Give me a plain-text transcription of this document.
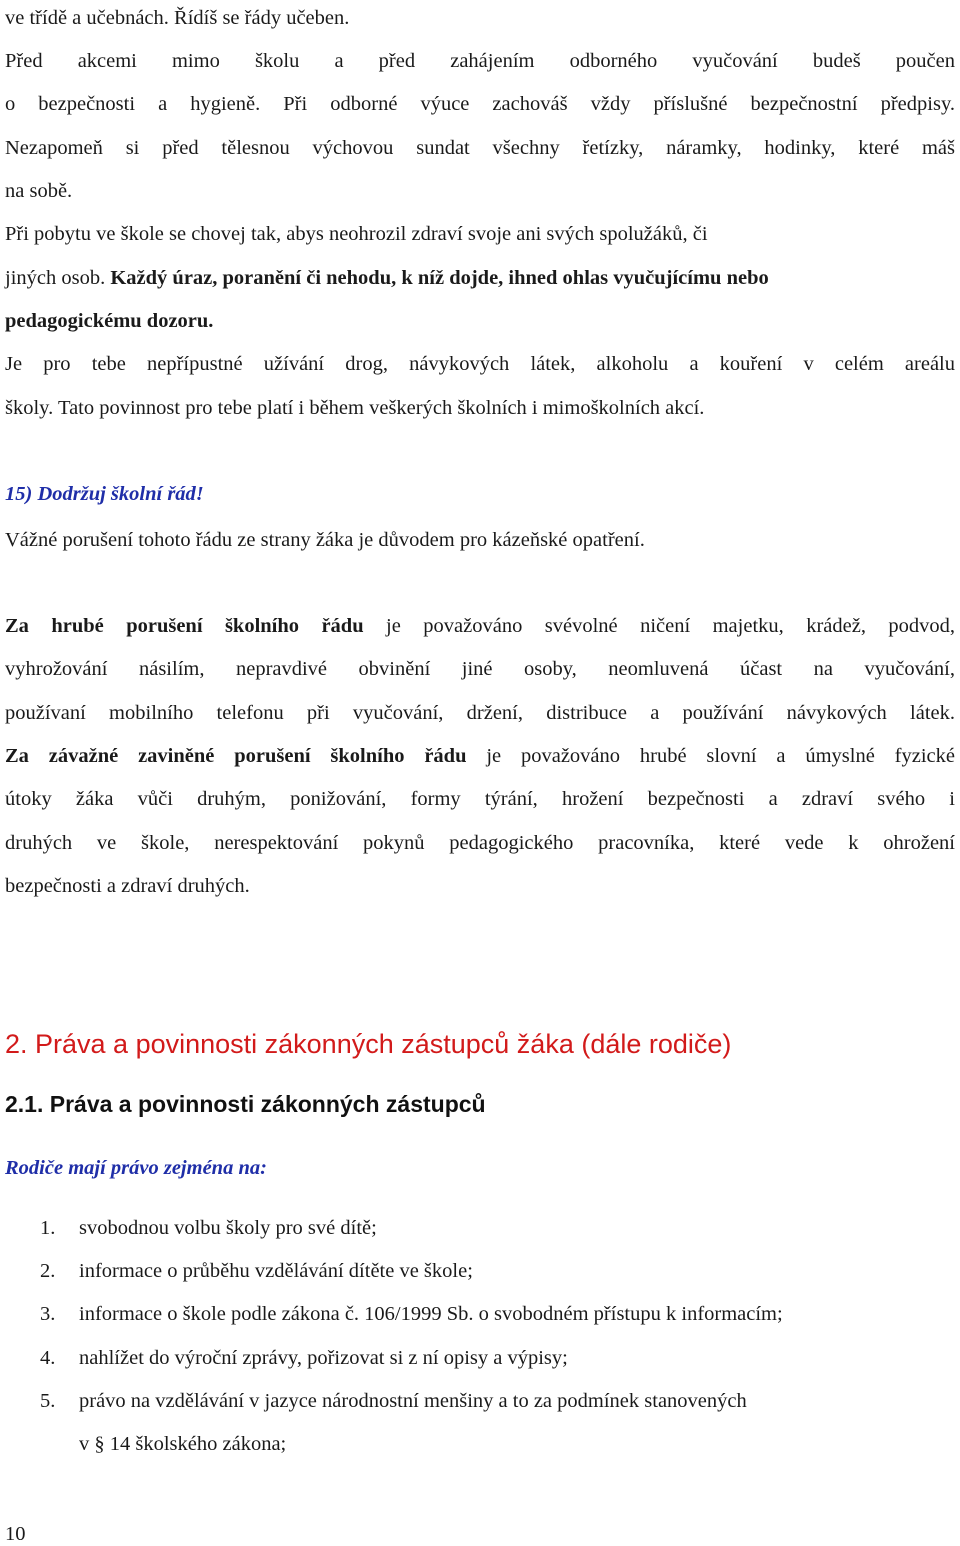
ve třídě a učebnách. Řídíš se řády učeben.
Před akcemi mimo školu a před zahájením odborného vyučování budeš poučen
o bezpečnosti a hygieně. Při odborné výuce zachováš vždy příslušné bezpečnostní předpisy.
Nezapomeň si před tělesnou výchovou sundat všechny řetízky, náramky, hodinky, které máš
na sobě.
Při pobytu ve škole se chovej tak, abys neohrozil zdraví svoje ani svých spolužáků, či
jiných osob. Každý úraz, poranění či nehodu, k níž dojde, ihned ohlas vyučujícímu nebo
pedagogickému dozoru.
Je pro tebe nepřípustné užívání drog, návykových látek, alkoholu a kouření v celém areálu
školy. Tato povinnost pro tebe platí i během veškerých školních i mimoškolních akcí.
15) Dodržuj školní řád!
Vážné porušení tohoto řádu ze strany žáka je důvodem pro kázeňské opatření.
Za hrubé porušení školního řádu je považováno svévolné ničení majetku, krádež, podvod,
vyhrožování násilím, nepravdivé obvinění jiné osoby, neomluvená účast na vyučování,
používaní mobilního telefonu při vyučování, držení, distribuce a používání návykových látek.
Za závažné zaviněné porušení školního řádu je považováno hrubé slovní a úmyslné fyzické
útoky žáka vůči druhým, ponižování, formy týrání, hrožení bezpečnosti a zdraví svého i
druhých ve škole, nerespektování pokynů pedagogického pracovníka, které vede k ohrožení
bezpečnosti a zdraví druhých.
2. Práva a povinnosti zákonných zástupců žáka (dále rodiče)
2.1. Práva a povinnosti zákonných zástupců
Rodiče mají právo zejména na:
1. svobodnou volbu školy pro své dítě;
2. informace o průběhu vzdělávání dítěte ve škole;
3. informace o škole podle zákona č. 106/1999 Sb. o svobodném přístupu k informacím;
4. nahlížet do výroční zprávy, pořizovat si z ní opisy a výpisy;
5. právo na vzdělávání v jazyce národnostní menšiny a to za podmínek stanovených
v § 14 školského zákona;
10
